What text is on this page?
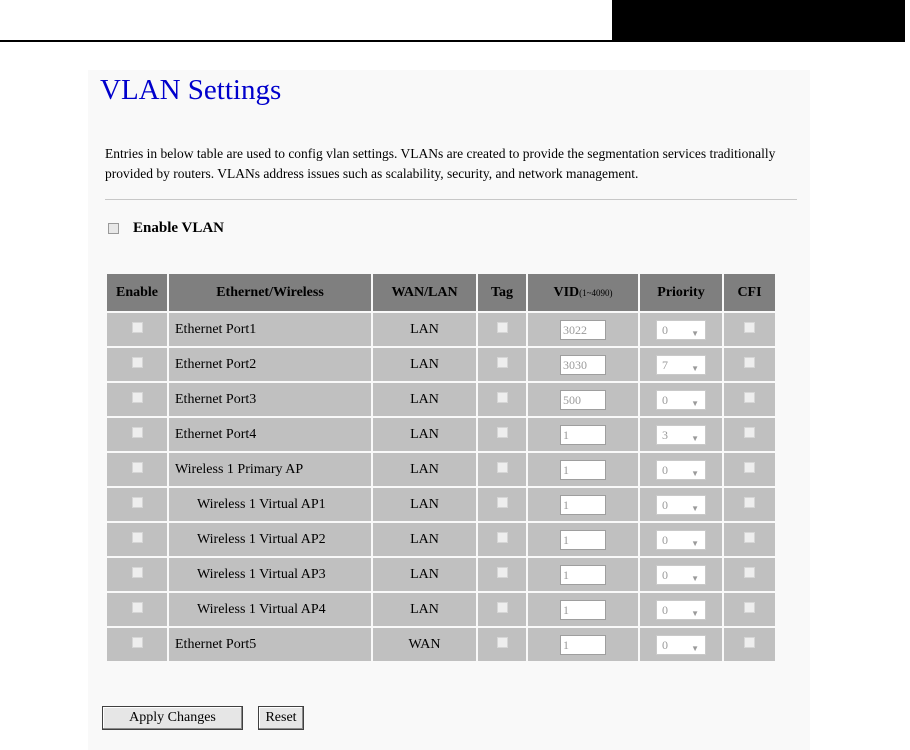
VLAN Settings

Entries in below table are used to config vlan settings. VLANs are created to provide the segmentation services traditionally provided by routers. VLANs address issues such as scalability, security, and network management.

Enable VLAN
Enable	Ethernet/Wireless	WAN/LAN	Tag	VID(1~4090)	Priority	CFI
	Ethernet Port1	LAN		3022	0 ▼	

	Ethernet Port2	LAN		3030	7 ▼	

	Ethernet Port3	LAN		500	0 ▼	

	Ethernet Port4	LAN		1	3 ▼	

	Wireless 1 Primary AP	LAN		1	0 ▼	

	Wireless 1 Virtual AP1	LAN		1	0 ▼	

	Wireless 1 Virtual AP2	LAN		1	0 ▼	

	Wireless 1 Virtual AP3	LAN		1	0 ▼	

	Wireless 1 Virtual AP4	LAN		1	0 ▼	

	Ethernet Port5	WAN		1	0 ▼	

Apply Changes	Reset
